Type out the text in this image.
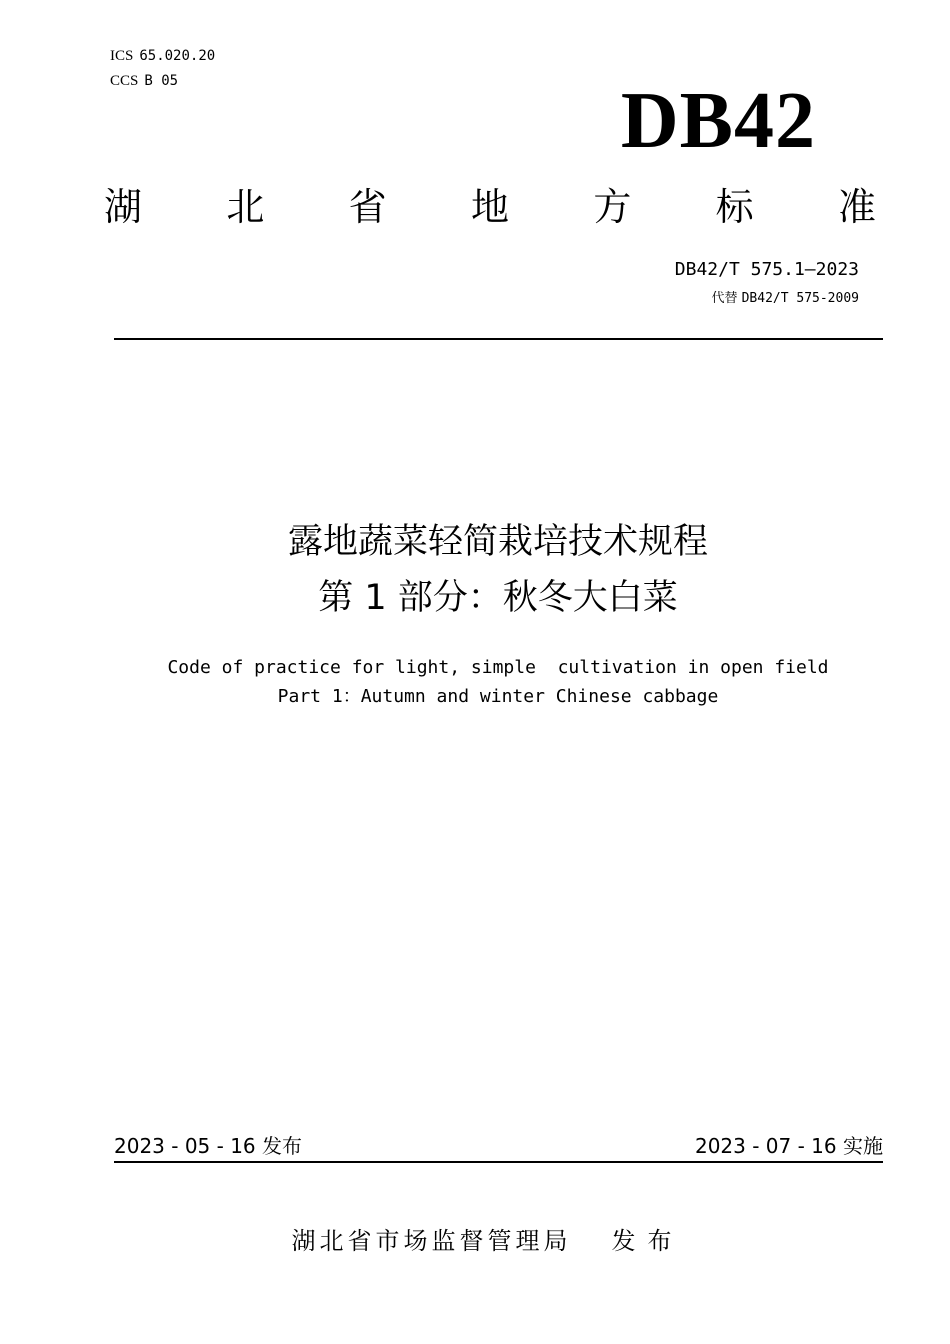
ICS 65.020.20
CCS B 05	DB42
湖 北 省 地 方 标 准
DB42/T 575.1—2023
代替 DB42/T 575-2009
露地蔬菜轻简栽培技术规程
第 1 部分：秋冬大白菜
Code of practice for light, simple  cultivation in open field
Part 1：Autumn and winter Chinese cabbage
2023 - 05 - 16 发布	2023 - 07 - 16 实施
湖北省市场监督管理局 发布
